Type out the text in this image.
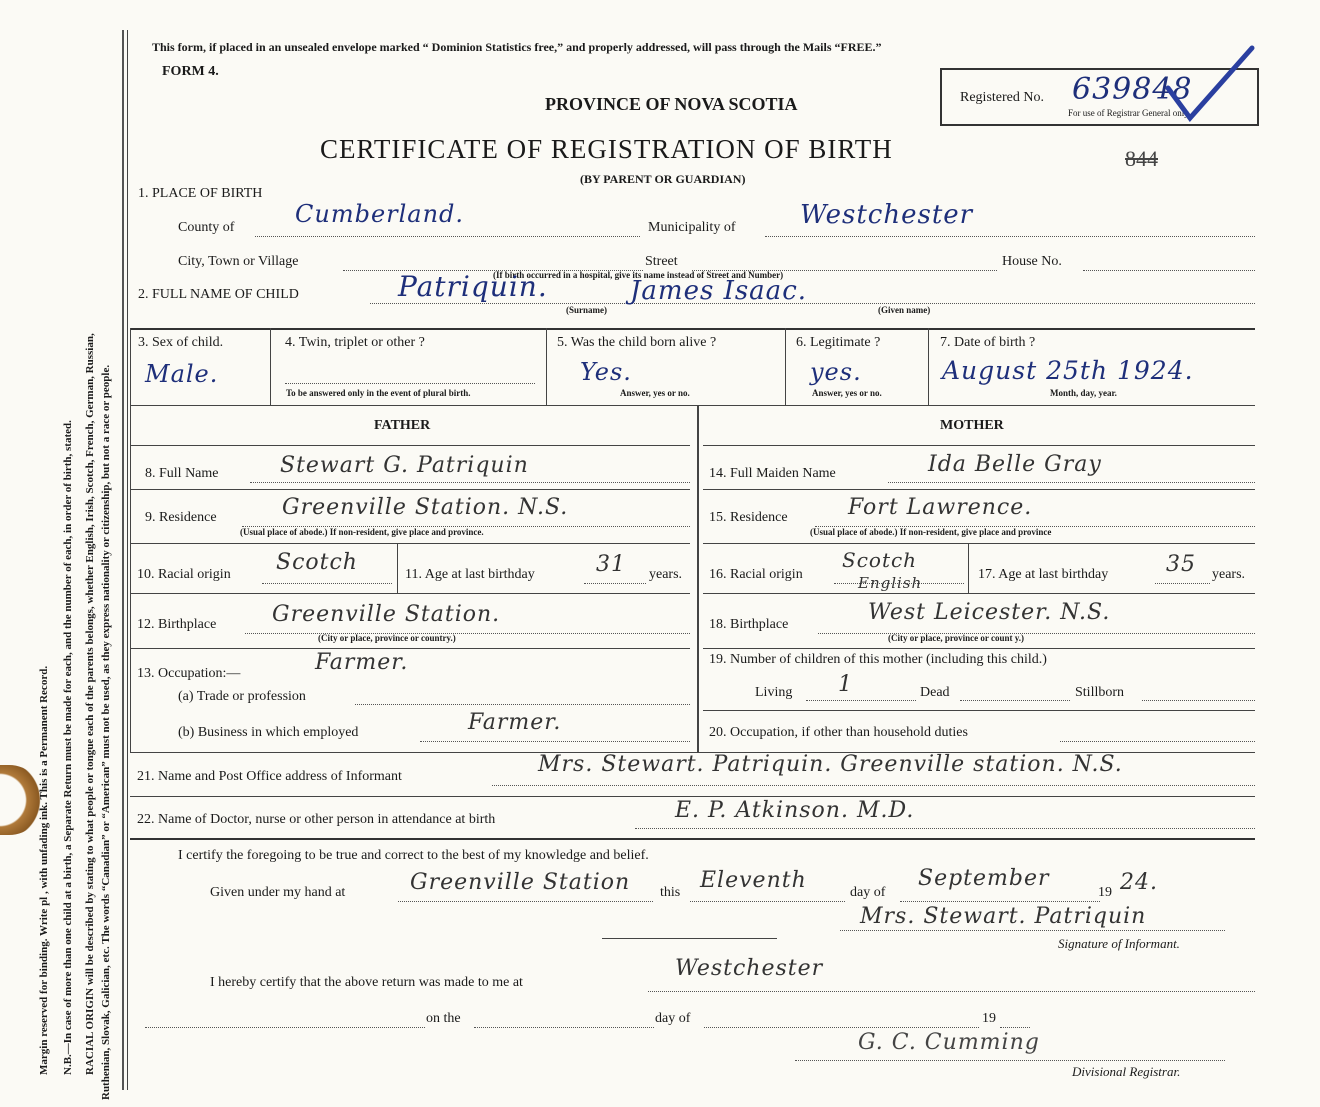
Margin reserved for binding. Write pl , with unfading ink. This is a Permanent Record. N.B.—In case of more than one child at a birth, a Separate Return must be made for each, and the number of each, in order of birth, stated. RACIAL ORIGIN will be described by stating to what people or tongue each of the parents belongs, whether English, Irish, Scotch, French, German, Russian, Ruthenian, Slovak, Galician, etc. The words “Canadian” or “American” must not be used, as they express nationality or citizenship, but not a race or people.
This form, if placed in an unsealed envelope marked “ Dominion Statistics free,” and properly addressed, will pass through the Mails “FREE.”
FORM 4.
PROVINCE OF NOVA SCOTIA
CERTIFICATE OF REGISTRATION OF BIRTH
(BY PARENT OR GUARDIAN)
Registered No. 639848
For use of Registrar General only.
844
1. PLACE OF BIRTH
County of	Cumberland.	Municipality of Westchester
City, Town or Village	Street	House No.
(If birth occurred in a hospital, give its name instead of Street and Number)
2. FULL NAME OF CHILD	Patriquin.	James Isaac.
(Surname)	(Given name)
3. Sex of child.
Male.
4. Twin, triplet or other ?
To be answered only in the event of plural birth.
5. Was the child born alive ?
Yes.
Answer, yes or no.
6. Legitimate ?
yes.
Answer, yes or no.
7. Date of birth ?
August 25th 1924.
Month, day, year.
FATHER	MOTHER
8. Full Name	Stewart G. Patriquin
9. Residence	Greenville Station. N.S.
(Usual place of abode.) If non-resident, give place and province.
10. Racial origin Scotch	11. Age at last birthday	31 years.
12. Birthplace	Greenville Station.
(City or place, province or country.)
13. Occupation:—	Farmer.
(a) Trade or profession
(b) Business in which employed	Farmer.
14. Full Maiden Name	Ida Belle Gray
15. Residence	Fort Lawrence.
(Usual place of abode.) If non-resident, give place and province
16. Racial origin
Scotch
English	17. Age at last birthday	35 years.
18. Birthplace	West Leicester. N.S.
(City or place, province or count y.)
19. Number of children of this mother (including this child.)
Living 1	Dead	Stillborn
20. Occupation, if other than household duties
21. Name and Post Office address of Informant	Mrs. Stewart. Patriquin. Greenville station. N.S.
22. Name of Doctor, nurse or other person in attendance at birth	E. P. Atkinson. M.D.
I certify the foregoing to be true and correct to the best of my knowledge and belief.
Given under my hand at	Greenville Station this Eleventh	day of
September
19 24.
Mrs. Stewart. Patriquin
Signature of Informant.
I hereby certify that the above return was made to me at
Westchester
on the	day of	19
G. C. Cumming
Divisional Registrar.
